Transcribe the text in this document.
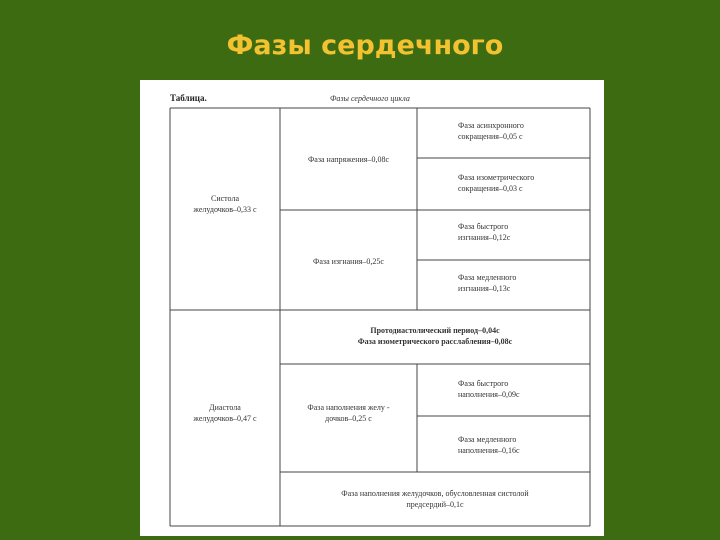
Фазы сердечного
Таблица.	Фазы сердечного цикла
Систола
желудочков–0,33 с
Фаза напряжения–0,08с
Фаза изгнания–0,25с
Фаза асинхронного
сокращения–0,05 с
Фаза изометрического
сокращения–0,03 с
Фаза быстрого
изгнания–0,12с
Фаза медленного
изгнания–0,13с
Диастола
желудочков–0,47 с
Протодиастолический период–0,04с
Фаза изометрического расслабления–0,08с
Фаза наполнения желу -
дочков–0,25 с
Фаза быстрого
наполнения–0,09с
Фаза медленного
наполнения–0,16с
Фаза наполнения желудочков, обусловленная систолой
предсердий–0,1с
